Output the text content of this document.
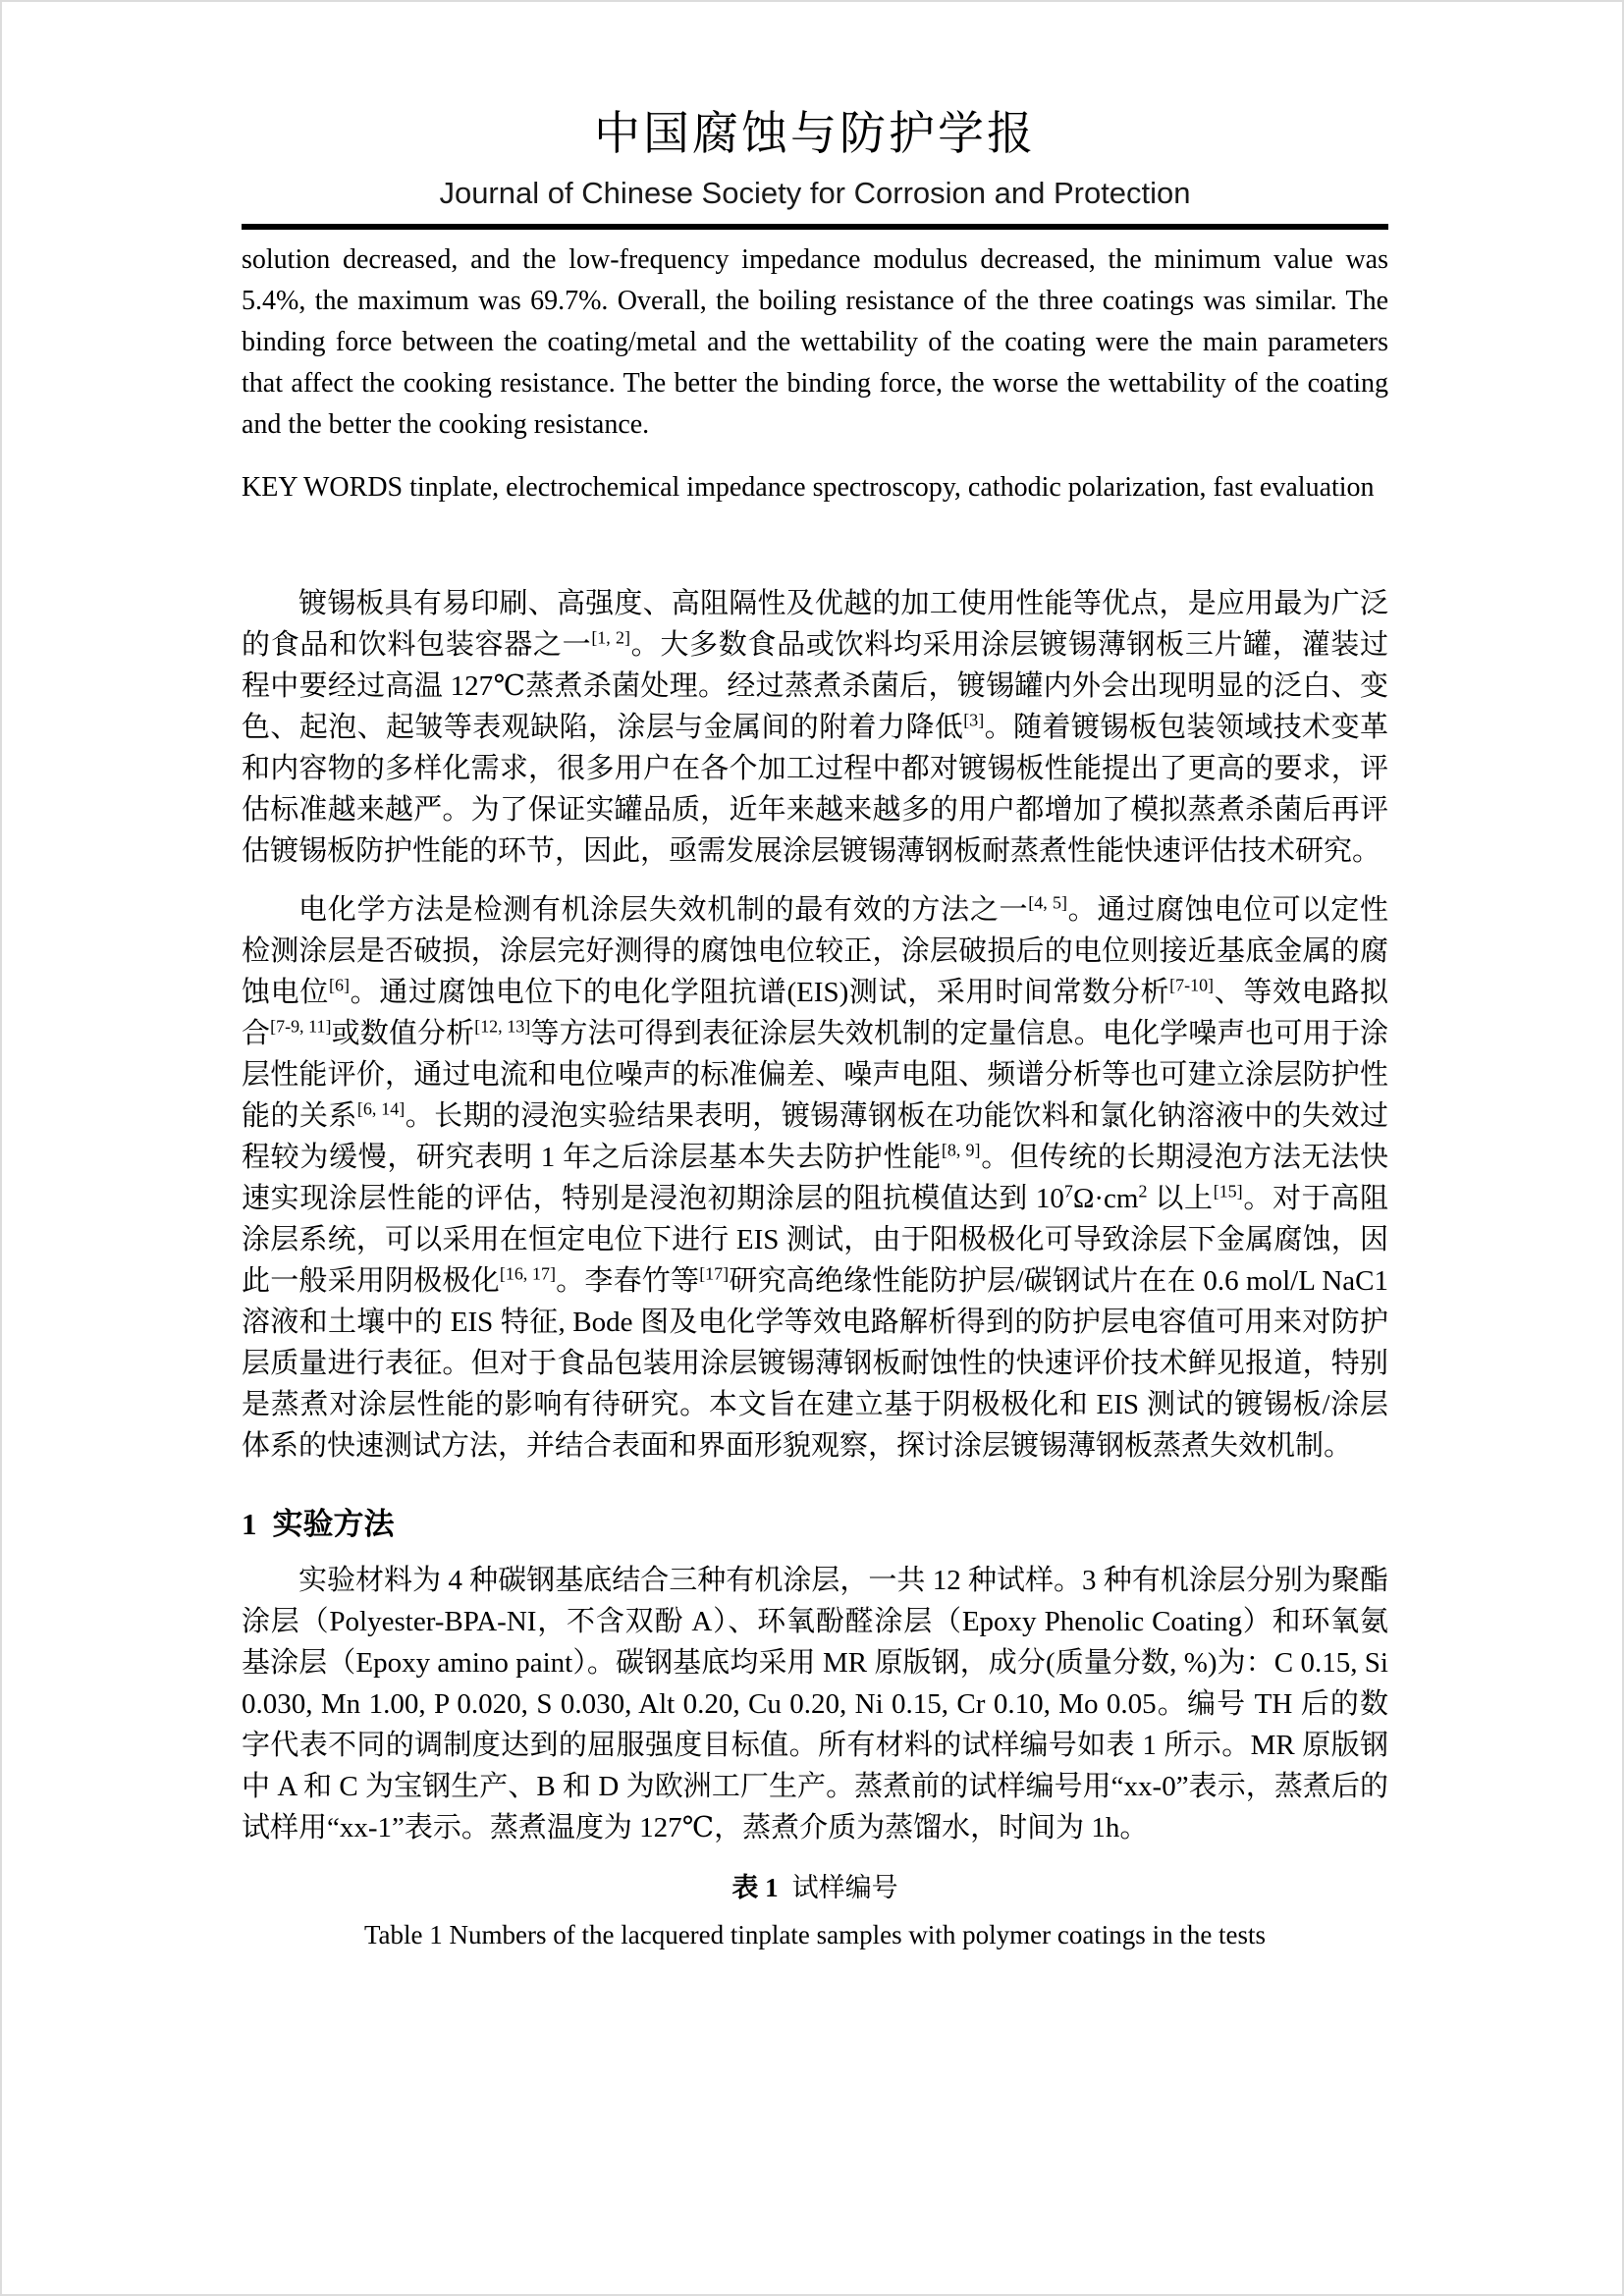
中国腐蚀与防护学报
Journal of Chinese Society for Corrosion and Protection

solution decreased, and the low-frequency impedance modulus decreased, the minimum value was 5.4%, the maximum was 69.7%. Overall, the boiling resistance of the three coatings was similar. The binding force between the coating/metal and the wettability of the coating were the main parameters that affect the cooking resistance. The better the binding force, the worse the wettability of the coating and the better the cooking resistance.

KEY WORDS tinplate, electrochemical impedance spectroscopy, cathodic polarization, fast evaluation

镀锡板具有易印刷、高强度、高阻隔性及优越的加工使用性能等优点，是应用最为广泛的食品和饮料包装容器之一[1, 2]。大多数食品或饮料均采用涂层镀锡薄钢板三片罐，灌装过程中要经过高温 127℃蒸煮杀菌处理。经过蒸煮杀菌后，镀锡罐内外会出现明显的泛白、变色、起泡、起皱等表观缺陷，涂层与金属间的附着力降低[3]。随着镀锡板包装领域技术变革和内容物的多样化需求，很多用户在各个加工过程中都对镀锡板性能提出了更高的要求，评估标准越来越严。为了保证实罐品质，近年来越来越多的用户都增加了模拟蒸煮杀菌后再评估镀锡板防护性能的环节，因此，亟需发展涂层镀锡薄钢板耐蒸煮性能快速评估技术研究。

电化学方法是检测有机涂层失效机制的最有效的方法之一[4, 5]。通过腐蚀电位可以定性检测涂层是否破损，涂层完好测得的腐蚀电位较正，涂层破损后的电位则接近基底金属的腐蚀电位[6]。通过腐蚀电位下的电化学阻抗谱(EIS)测试，采用时间常数分析[7-10]、等效电路拟合[7-9, 11]或数值分析[12, 13]等方法可得到表征涂层失效机制的定量信息。电化学噪声也可用于涂层性能评价，通过电流和电位噪声的标准偏差、噪声电阻、频谱分析等也可建立涂层防护性能的关系[6, 14]。长期的浸泡实验结果表明，镀锡薄钢板在功能饮料和氯化钠溶液中的失效过程较为缓慢，研究表明 1 年之后涂层基本失去防护性能[8, 9]。但传统的长期浸泡方法无法快速实现涂层性能的评估，特别是浸泡初期涂层的阻抗模值达到 $10^7\Omega\cdot cm^2$ 以上[15]。对于高阻涂层系统，可以采用在恒定电位下进行 EIS 测试，由于阳极极化可导致涂层下金属腐蚀，因此一般采用阴极极化[16, 17]。李春竹等[17]研究高绝缘性能防护层/碳钢试片在在 0.6 mol/L NaC1 溶液和土壤中的 EIS 特征, Bode 图及电化学等效电路解析得到的防护层电容值可用来对防护层质量进行表征。但对于食品包装用涂层镀锡薄钢板耐蚀性的快速评价技术鲜见报道，特别是蒸煮对涂层性能的影响有待研究。本文旨在建立基于阴极极化和 EIS 测试的镀锡板/涂层体系的快速测试方法，并结合表面和界面形貌观察，探讨涂层镀锡薄钢板蒸煮失效机制。

1 实验方法

实验材料为 4 种碳钢基底结合三种有机涂层，一共 12 种试样。3 种有机涂层分别为聚酯涂层（Polyester-BPA-NI，不含双酚 A）、环氧酚醛涂层（Epoxy Phenolic Coating）和环氧氨基涂层（Epoxy amino paint）。碳钢基底均采用 MR 原版钢，成分(质量分数, %)为：C 0.15, Si 0.030, Mn 1.00, P 0.020, S 0.030, Alt 0.20, Cu 0.20, Ni 0.15, Cr 0.10, Mo 0.05。编号 TH 后的数字代表不同的调制度达到的屈服强度目标值。所有材料的试样编号如表 1 所示。MR 原版钢中 A 和 C 为宝钢生产、B 和 D 为欧洲工厂生产。蒸煮前的试样编号用“xx-0”表示，蒸煮后的试样用“xx-1”表示。蒸煮温度为 127℃，蒸煮介质为蒸馏水，时间为 1h。

表 1 试样编号
Table 1 Numbers of the lacquered tinplate samples with polymer coatings in the tests
